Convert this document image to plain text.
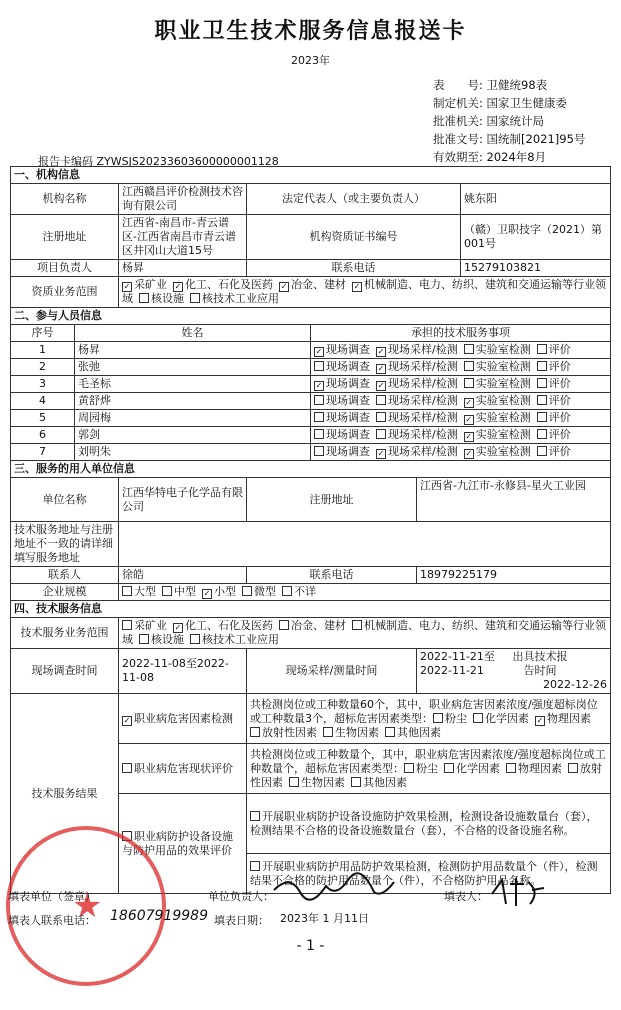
职业卫生技术服务信息报送卡
2023年
表　　号: 卫健统98表
制定机关: 国家卫生健康委
批准机关: 国家统计局
批准文号: 国统制[2021]95号
有效期至: 2024年8月
报告卡编码 ZYWSJS20233603600000001128
一、机构信息						
机构名称		江西赣昌评价检测技术咨询有限公司	法定代表人（或主要负责人）			姚东阳
注册地址		江西省-南昌市-青云谱区-江西省南昌市青云谱区井冈山大道15号	机构资质证书编号			（赣）卫职技字（2021）第001号
项目负责人		杨昇	联系电话			15279103821
资质业务范围		✓ 采矿业 ✓ 化工、石化及医药 ✓ 冶金、建材 ✓ 机械制造、电力、纺织、建筑和交通运输等行业领域 核设施 核技术工业应用				
二、参与人员信息						
序号	姓名			承担的技术服务事项		
1	杨昇			✓ 现场调查 ✓ 现场采样/检测 实验室检测 评价		
2	张弛			现场调查 ✓ 现场采样/检测 实验室检测 评价		
3	毛圣标			✓ 现场调查 ✓ 现场采样/检测 实验室检测 评价		
4	黄舒烨			现场调查 现场采样/检测 ✓ 实验室检测 评价		
5	周园梅			现场调查 现场采样/检测 ✓ 实验室检测 评价		
6	郭剑			现场调查 现场采样/检测 ✓ 实验室检测 评价		
7	刘明朱			现场调查 ✓ 现场采样/检测 ✓ 实验室检测 评价		
三、服务的用人单位信息						
单位名称		江西华特电子化学品有限公司	注册地址		江西省-九江市-永修县-星火工业园	
技术服务地址与注册地址不一致的请详细填写服务地址						
联系人		徐皓	联系电话		18979225179	
企业规模		大型 中型 ✓ 小型 微型 不详				
四、技术服务信息						
技术服务业务范围		采矿业 ✓ 化工、石化及医药 冶金、建材 机械制造、电力、纺织、建筑和交通运输等行业领域 核设施 核技术工业应用				
现场调查时间		2022-11-08至2022-11-08	现场采样/测量时间		2022-11-21至2022-11-21
出具技术报告时间
2022-12-26	

技术服务结果		✓ 职业病危害因素检测	共检测岗位或工种数量60个，其中，职业病危害因素浓度/强度超标岗位或工种数量3个，超标危害因素类型： 粉尘 化学因素 ✓ 物理因素放射性因素 生物因素 其他因素			
		职业病危害现状评价	共检测岗位或工种数量个，其中，职业病危害因素浓度/强度超标岗位或工种数量个，超标危害因素类型： 粉尘 化学因素 物理因素 放射性因素 生物因素 其他因素			
		职业病防护设备设施与防护用品的效果评价	开展职业病防护设备设施防护效果检测，检测设备设施数量台（套），检测结果不合格的设备设施数量台（套），不合格的设备设施名称。			
			开展职业病防护用品防护效果检测，检测防护用品数量个（件），检测结果不合格的防护用品数量个（件），不合格防护用品名称。			
★
填表单位（签章）	单位负责人：	填表人：
填表人联系电话： 18607919989 填表日期： 2023年 1 月11日
- 1 -
